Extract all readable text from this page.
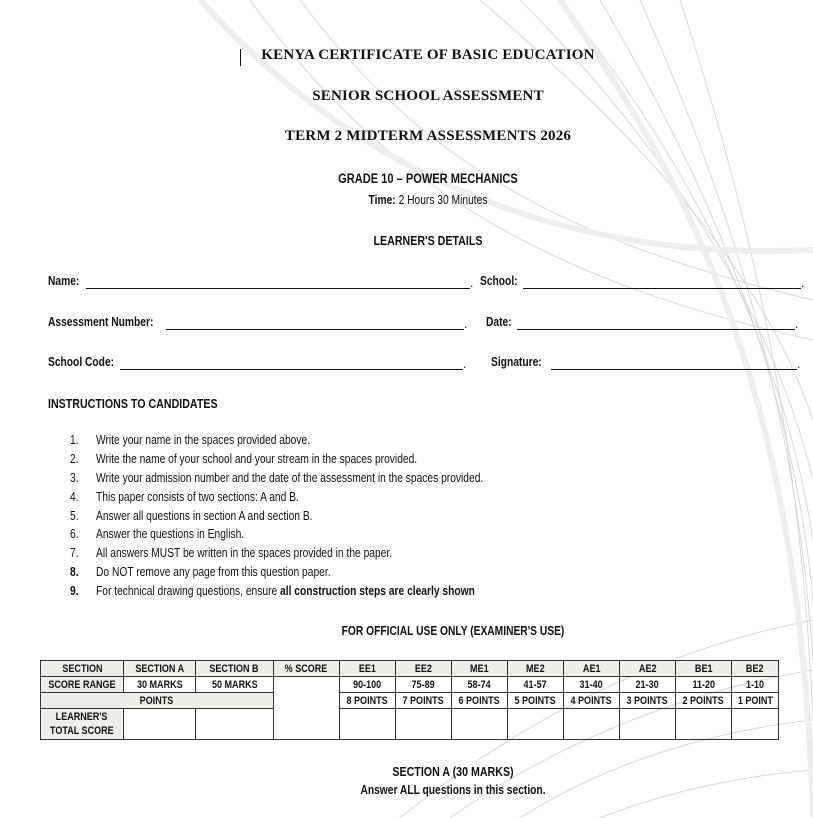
KENYA CERTIFICATE OF BASIC EDUCATION
SENIOR SCHOOL ASSESSMENT
TERM 2 MIDTERM ASSESSMENTS 2026
GRADE 10 – POWER MECHANICS
Time: 2 Hours 30 Minutes
LEARNER'S DETAILS
Name:	. School:	.
Assessment Number:	. Date:	.
School Code:	. Signature:	.
INSTRUCTIONS TO CANDIDATES
1.	Write your name in the spaces provided above.
2.	Write the name of your school and your stream in the spaces provided.
3.	Write your admission number and the date of the assessment in the spaces provided.
4.	This paper consists of two sections: A and B.
5.	Answer all questions in section A and section B.
6.	Answer the questions in English.
7.	All answers MUST be written in the spaces provided in the paper.
8.	Do NOT remove any page from this question paper.
9.	For technical drawing questions, ensure all construction steps are clearly shown
FOR OFFICIAL USE ONLY (EXAMINER'S USE)
SECTION	SECTION A	SECTION B	% SCORE	EE1	EE2	ME1	ME2	AE1	AE2	BE1	BE2
SCORE RANGE	30 MARKS	50 MARKS		90-100	75-89	58-74	41-57	31-40	21-30	11-20	1-10
POINTS				8 POINTS	7 POINTS	6 POINTS	5 POINTS	4 POINTS	3 POINTS	2 POINTS	1 POINT
LEARNER'S
TOTAL SCORE											
SECTION A (30 MARKS)
Answer ALL questions in this section.
